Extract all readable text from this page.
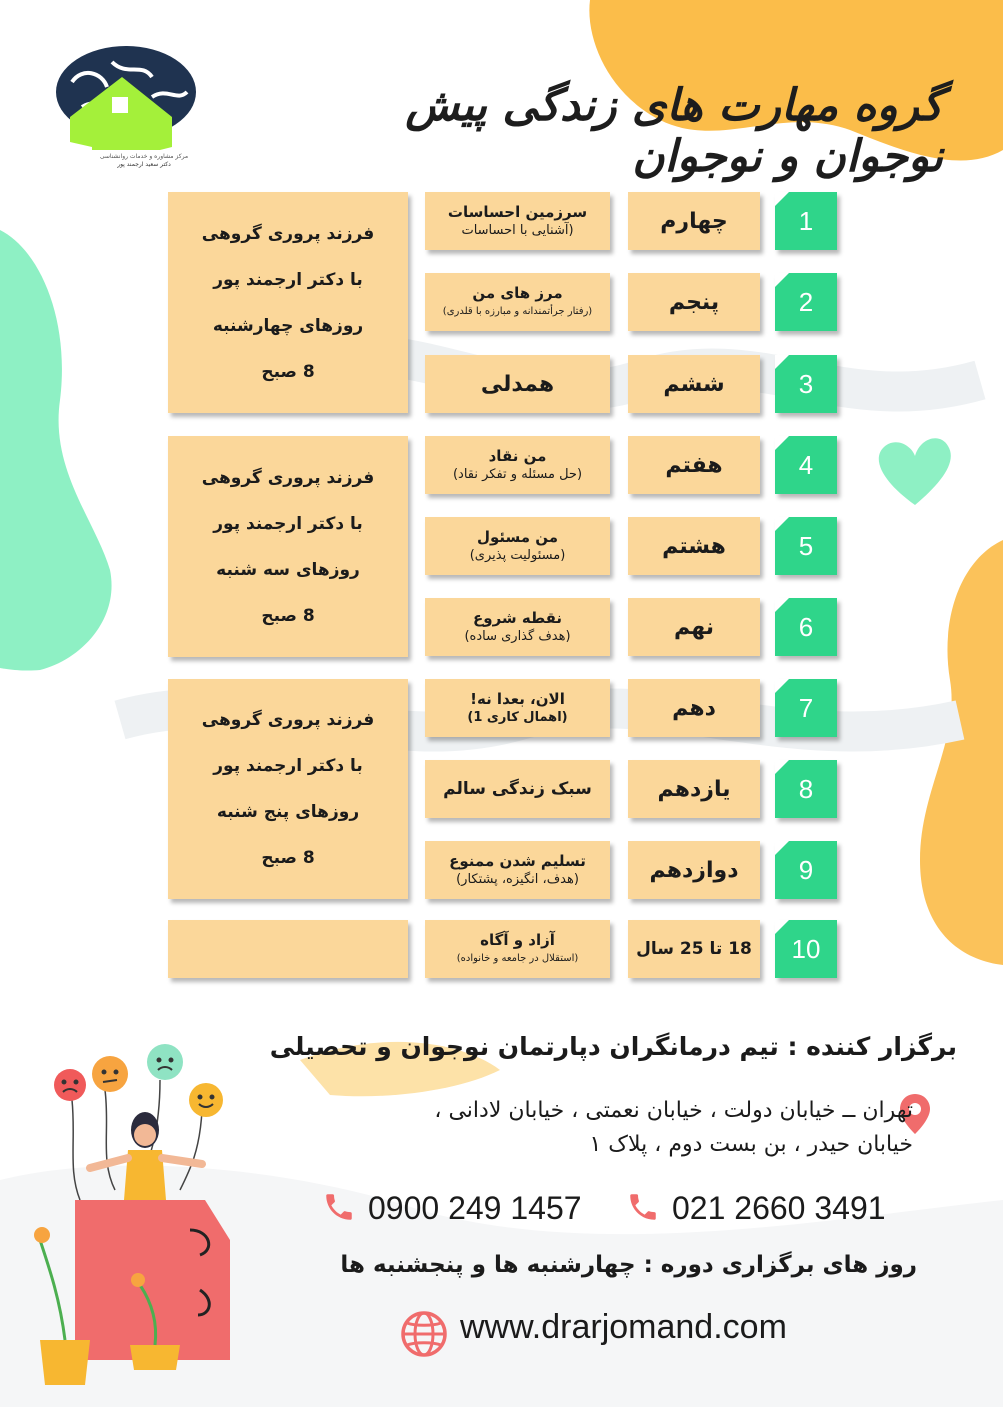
مرکز مشاوره و خدمات روانشناسی
دکتر سعید ارجمند پور
گروه مهارت های زندگی پیش نوجوان و نوجوان
1
چهارم
سرزمین احساسات
(آشنایی با احساسات
2
پنجم
مرز های من
(رفتار جرأتمندانه و مبارزه با قلدری)
3
ششم
همدلی
4
هفتم
من نقاد
(حل مسئله و تفکر نقاد)
5
هشتم
من مسئول
(مسئولیت پذیری)
6
نهم
نقطه شروع
(هدف گذاری ساده)
7
دهم
الان، بعدا نه!
(اهمال کاری 1)
8
یازدهم
سبک زندگی سالم
9
دوازدهم
تسلیم شدن ممنوع
(هدف، انگیزه، پشتکار)
10
18 تا 25 سال
آزاد و آگاه
(استقلال در جامعه و خانواده)
فرزند پروری گروهی
با دکتر ارجمند پور
روزهای چهارشنبه
8 صبح
فرزند پروری گروهی
با دکتر ارجمند پور
روزهای سه شنبه
8 صبح
فرزند پروری گروهی
با دکتر ارجمند پور
روزهای پنج شنبه
8 صبح
برگزار کننده : تیم درمانگران دپارتمان نوجوان و تحصیلی
تهران ــ خیابان دولت ، خیابان نعمتی ، خیابان لادانی ،
خیابان حیدر ، بن بست دوم ، پلاک ۱
021 2660 3491
0900 249 1457
روز های برگزاری دوره : چهارشنبه ها و پنجشنبه ها
www.drarjomand.com
